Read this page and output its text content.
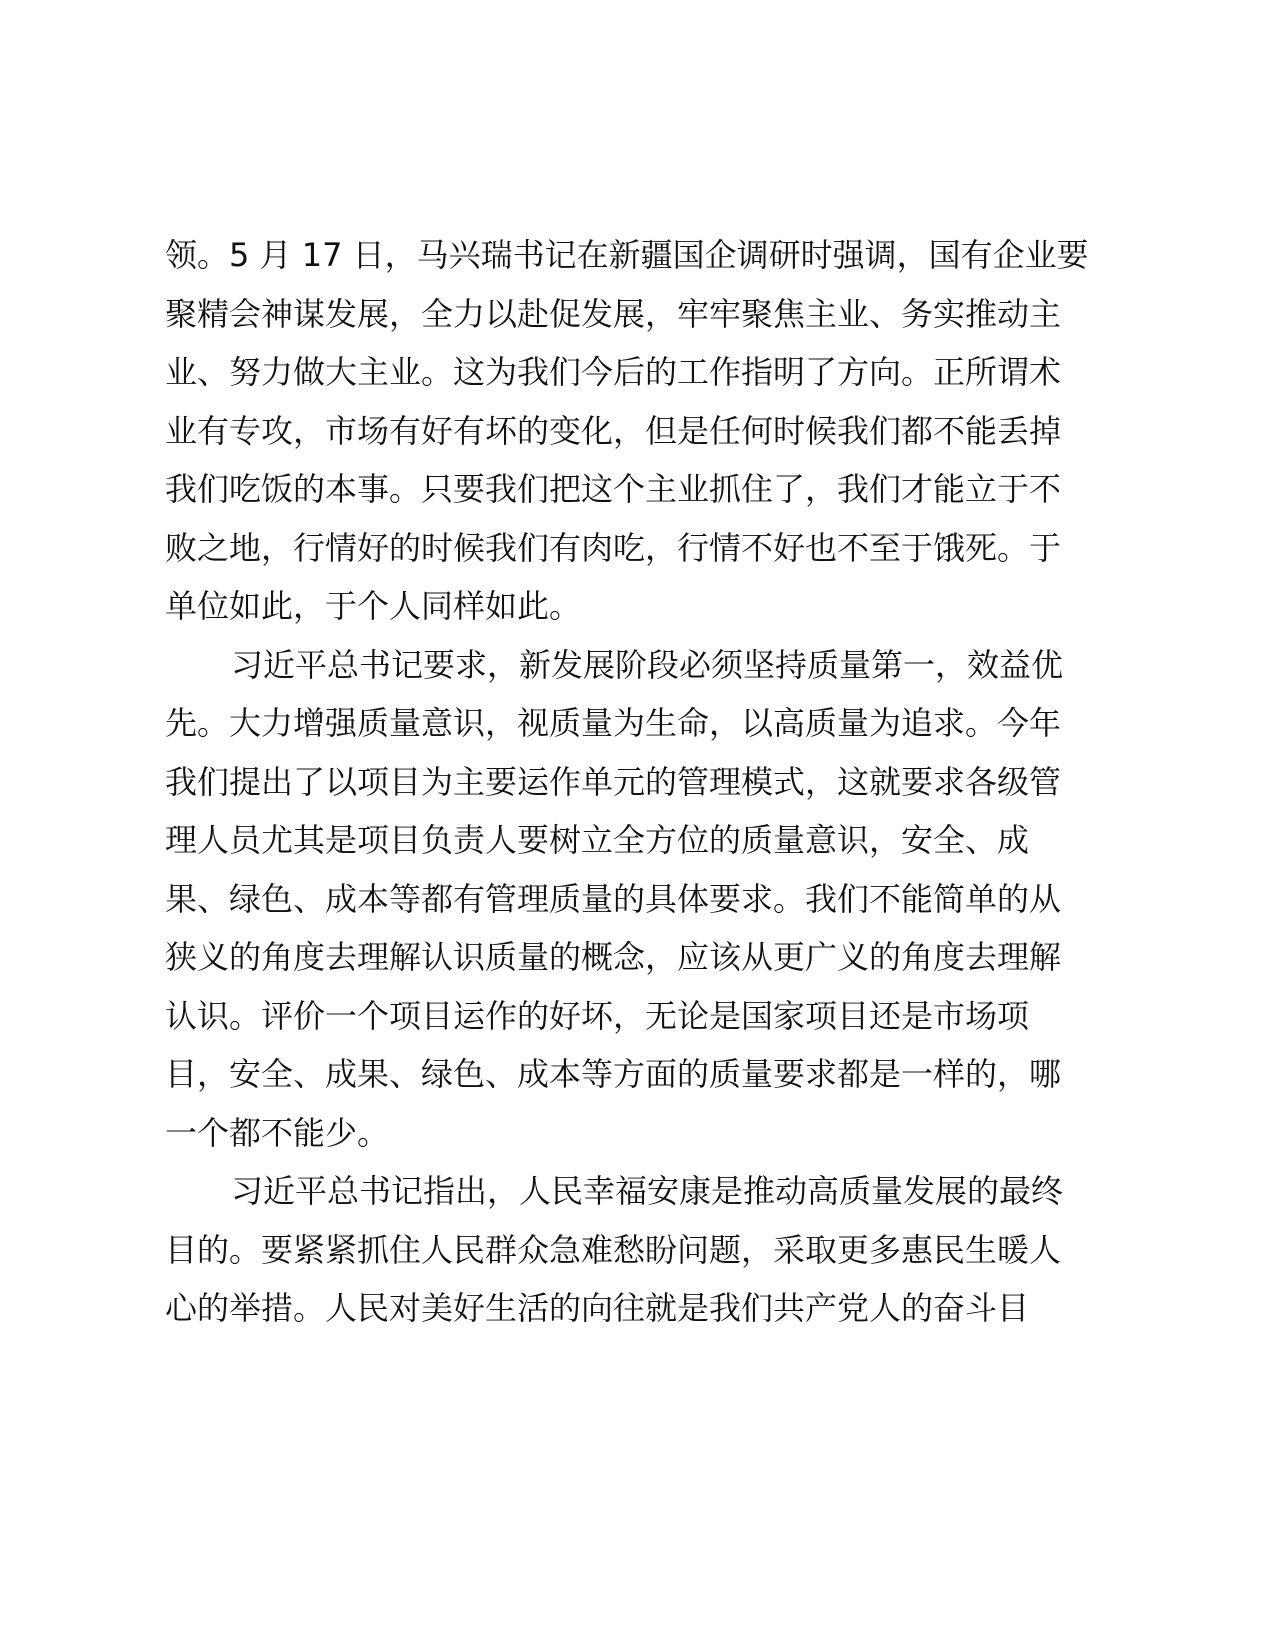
领。5 月 17 日，马兴瑞书记在新疆国企调研时强调，国有企业要
聚精会神谋发展，全力以赴促发展，牢牢聚焦主业、务实推动主
业、努力做大主业。这为我们今后的工作指明了方向。正所谓术
业有专攻，市场有好有坏的变化，但是任何时候我们都不能丢掉
我们吃饭的本事。只要我们把这个主业抓住了，我们才能立于不
败之地，行情好的时候我们有肉吃，行情不好也不至于饿死。于
单位如此，于个人同样如此。
习近平总书记要求，新发展阶段必须坚持质量第一，效益优
先。大力增强质量意识，视质量为生命，以高质量为追求。今年
我们提出了以项目为主要运作单元的管理模式，这就要求各级管
理人员尤其是项目负责人要树立全方位的质量意识，安全、成
果、绿色、成本等都有管理质量的具体要求。我们不能简单的从
狭义的角度去理解认识质量的概念，应该从更广义的角度去理解
认识。评价一个项目运作的好坏，无论是国家项目还是市场项
目，安全、成果、绿色、成本等方面的质量要求都是一样的，哪
一个都不能少。
习近平总书记指出，人民幸福安康是推动高质量发展的最终
目的。要紧紧抓住人民群众急难愁盼问题，采取更多惠民生暖人
心的举措。人民对美好生活的向往就是我们共产党人的奋斗目
